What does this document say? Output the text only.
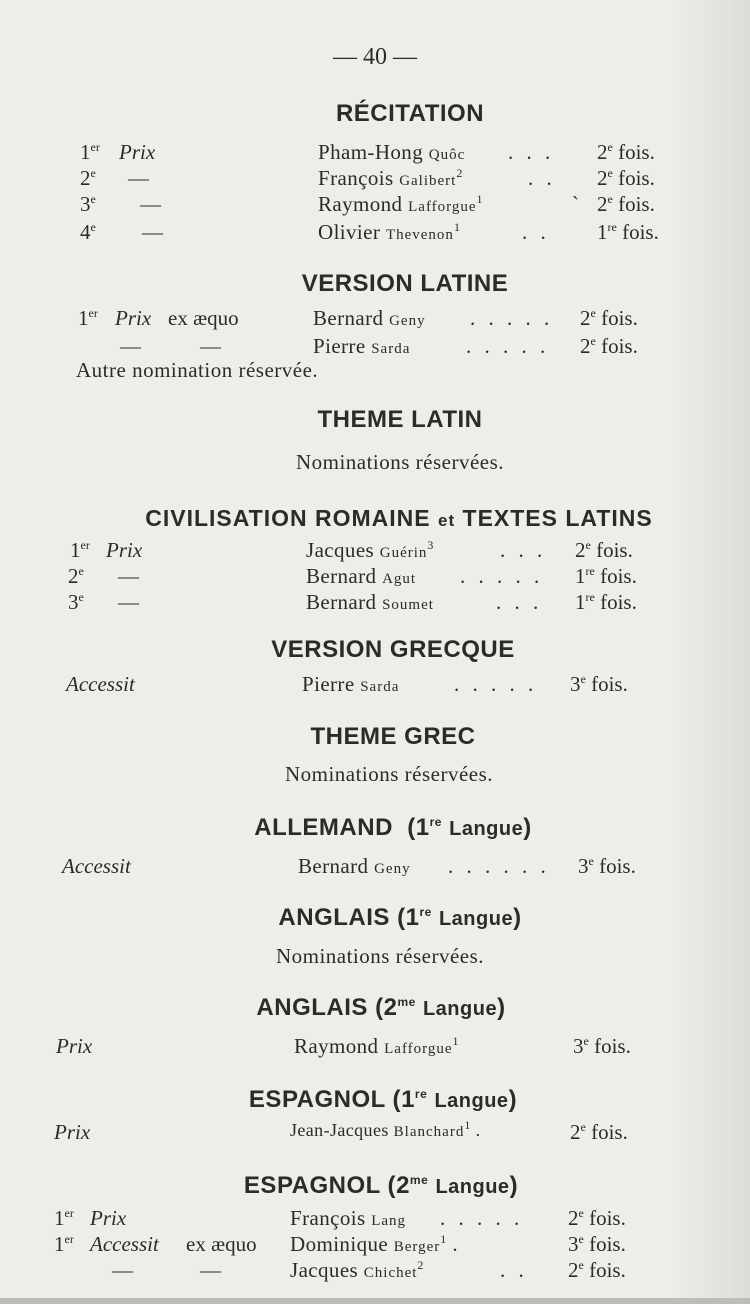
— 40 —
RÉCITATION
1er Prix	Pham-Hong Quôc . . . 2e fois.
2e —	François Galibert$^2$	. . 2e fois.
3e —	Raymond Lafforgue$^1$	` 2e fois.
4e —	Olivier Thevenon$^1$	. . 1re fois.
VERSION LATINE
1er Prix ex æquo	Bernard Geny . . . . . 2e fois.
—	—	Pierre Sarda	. . . . . 2e fois.
Autre nomination réservée.
THEME LATIN
Nominations réservées.
CIVILISATION ROMAINE et TEXTES LATINS
1er Prix	Jacques Guérin$^3$	. . . 2e fois.
2e —	Bernard Agut . . . . . 1re fois.
3e —	Bernard Soumet	. . . 1re fois.
VERSION GRECQUE
Accessit	Pierre Sarda	. . . . . 3e fois.
THEME GREC
Nominations réservées.
ALLEMAND  (1re Langue)
Accessit	Bernard Geny . . . . . . 3e fois.
ANGLAIS (1re Langue)
Nominations réservées.
ANGLAIS ($2^{me}$ Langue)
Prix	Raymond Lafforgue$^1$	3e fois.
ESPAGNOL (1re Langue)
Prix	Jean-Jacques Blanchard$^1$ .	2e fois.
ESPAGNOL ($2^{me}$ Langue)
1er Prix	François Lang . . . . . 2e fois.
1er Accessit ex æquo Dominique Berger$^1$ .	3e fois.
—	—	Jacques Chichet$^2$	. . 2e fois.
